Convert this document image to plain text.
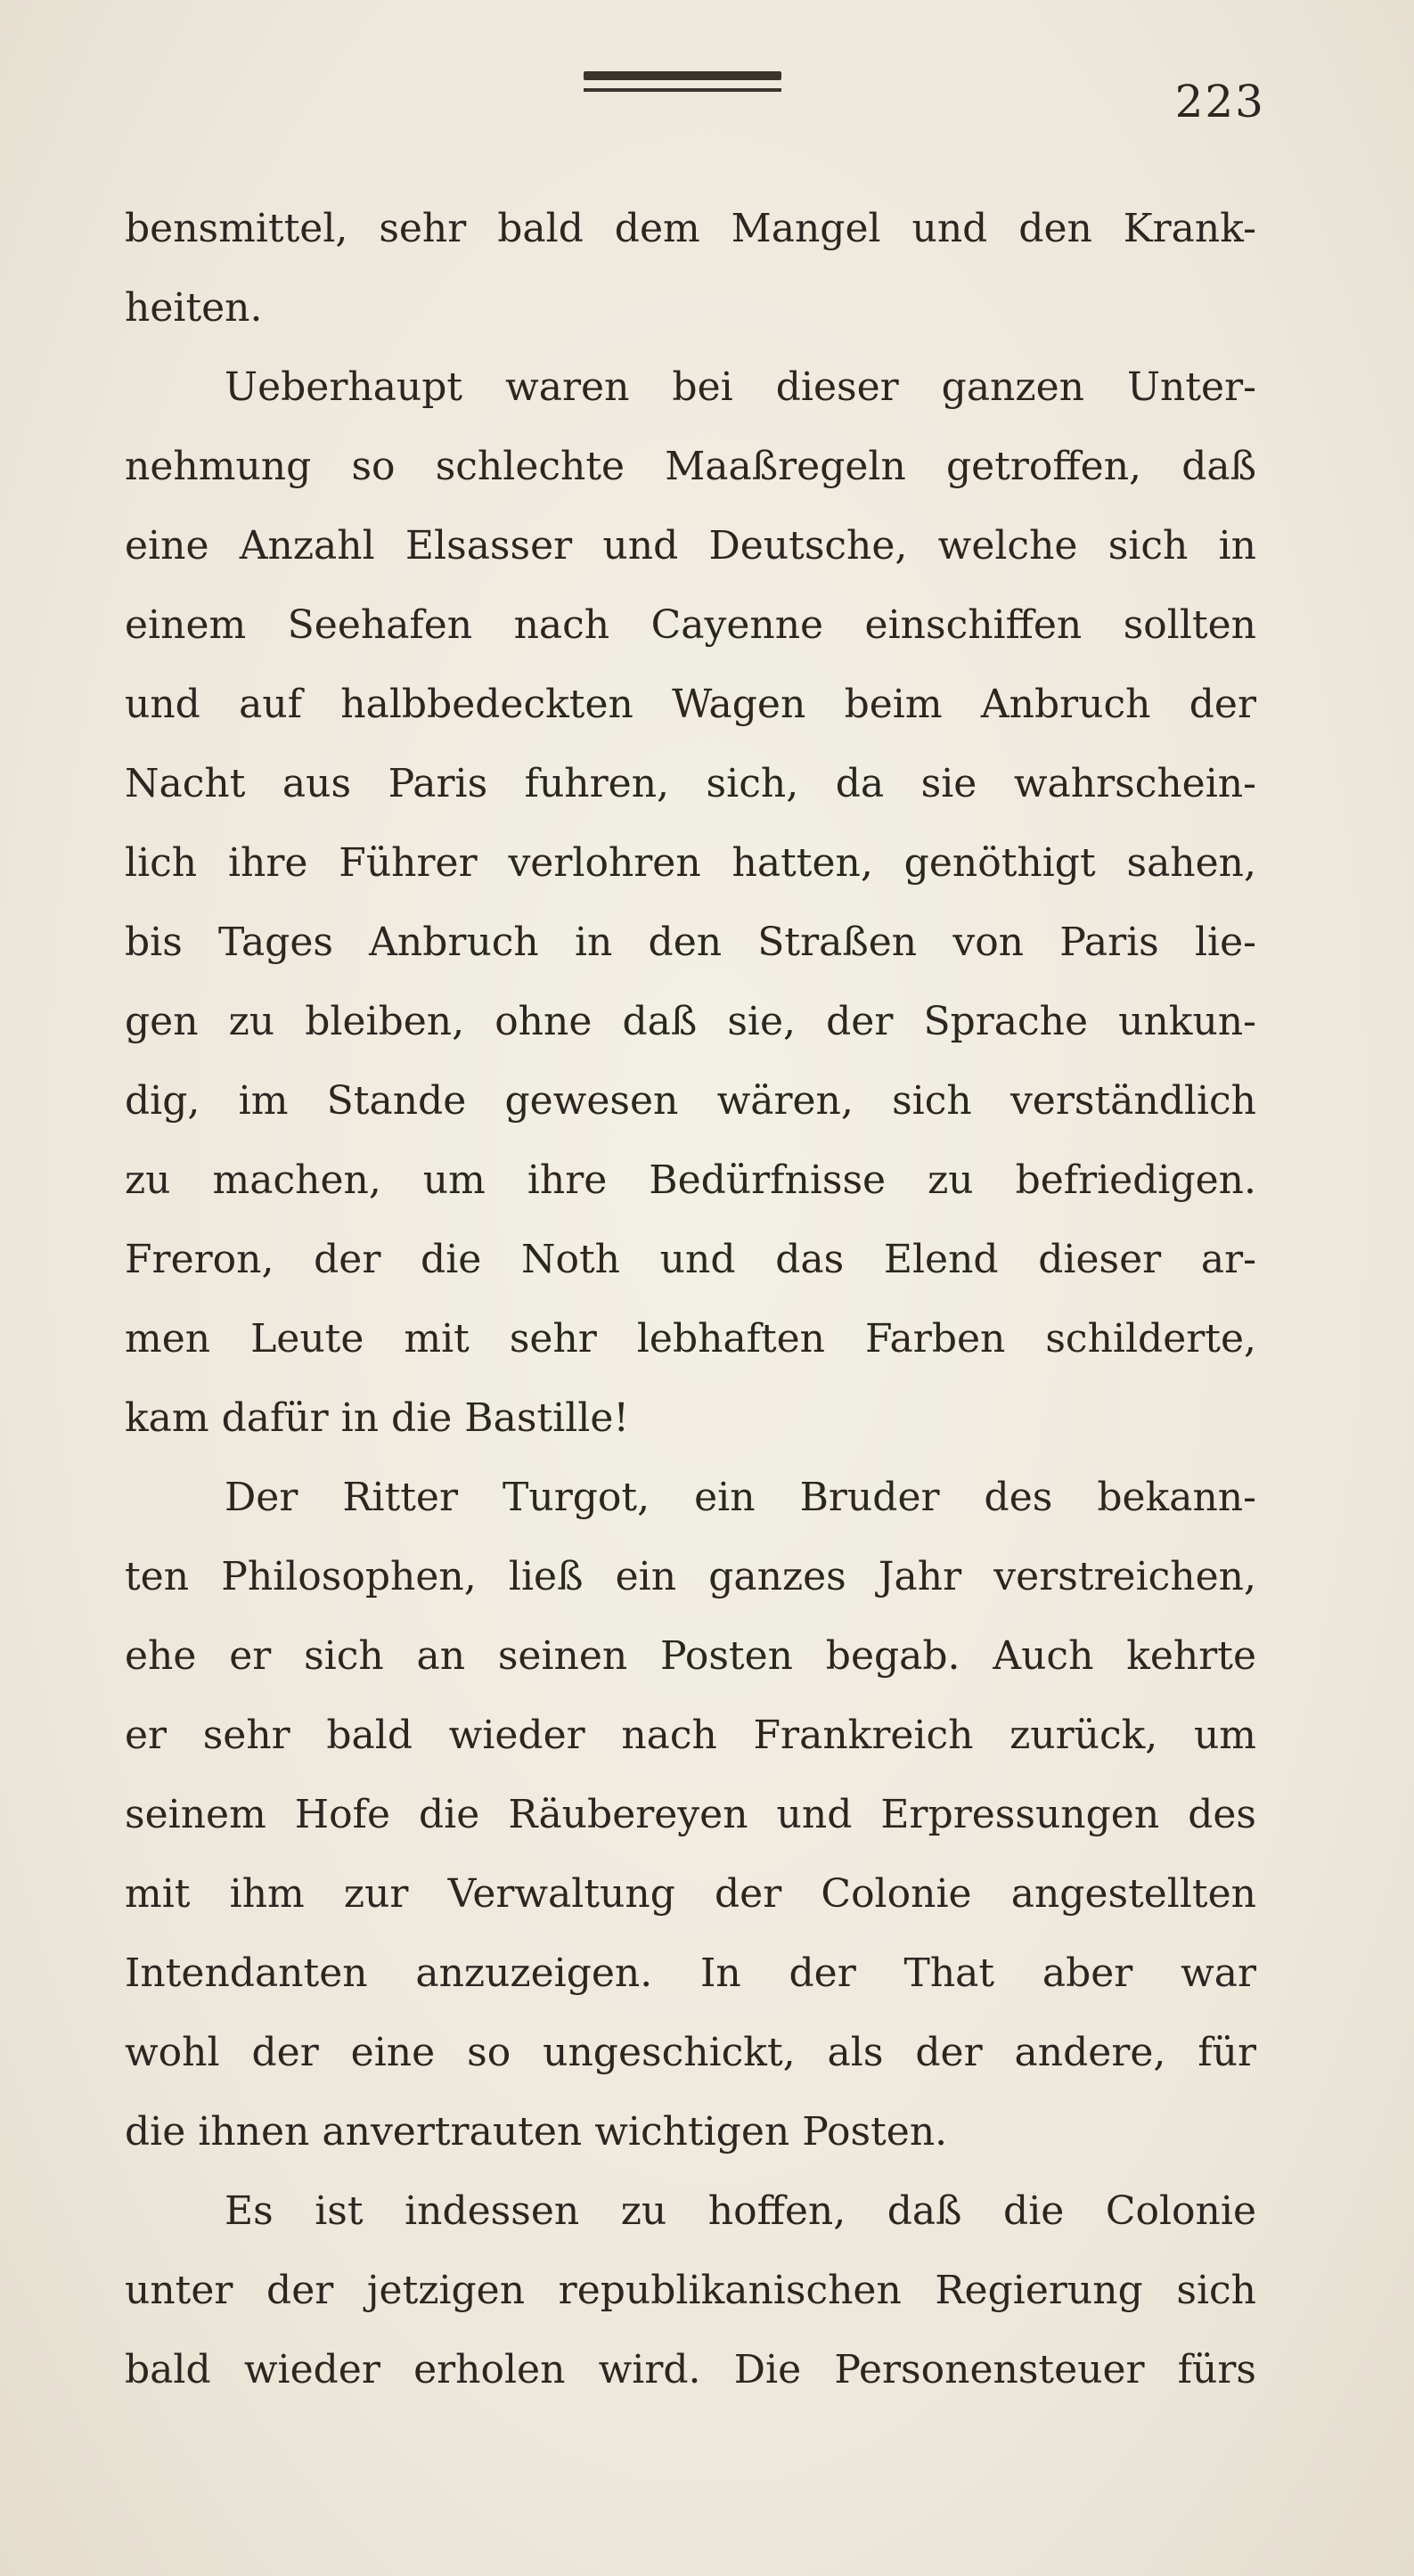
223
bensmittel, sehr bald dem Mangel und den Krank-
heiten.
Ueberhaupt waren bei dieser ganzen Unter-
nehmung so schlechte Maaßregeln getroffen, daß
eine Anzahl Elsasser und Deutsche, welche sich in
einem Seehafen nach Cayenne einschiffen sollten
und auf halbbedeckten Wagen beim Anbruch der
Nacht aus Paris fuhren, sich, da sie wahrschein-
lich ihre Führer verlohren hatten, genöthigt sahen,
bis Tages Anbruch in den Straßen von Paris lie-
gen zu bleiben, ohne daß sie, der Sprache unkun-
dig, im Stande gewesen wären, sich verständlich
zu machen, um ihre Bedürfnisse zu befriedigen.
Freron, der die Noth und das Elend dieser ar-
men Leute mit sehr lebhaften Farben schilderte,
kam dafür in die Bastille!
Der Ritter Turgot, ein Bruder des bekann-
ten Philosophen, ließ ein ganzes Jahr verstreichen,
ehe er sich an seinen Posten begab. Auch kehrte
er sehr bald wieder nach Frankreich zurück, um
seinem Hofe die Räubereyen und Erpressungen des
mit ihm zur Verwaltung der Colonie angestellten
Intendanten anzuzeigen. In der That aber war
wohl der eine so ungeschickt, als der andere, für
die ihnen anvertrauten wichtigen Posten.
Es ist indessen zu hoffen, daß die Colonie
unter der jetzigen republikanischen Regierung sich
bald wieder erholen wird. Die Personensteuer fürs
